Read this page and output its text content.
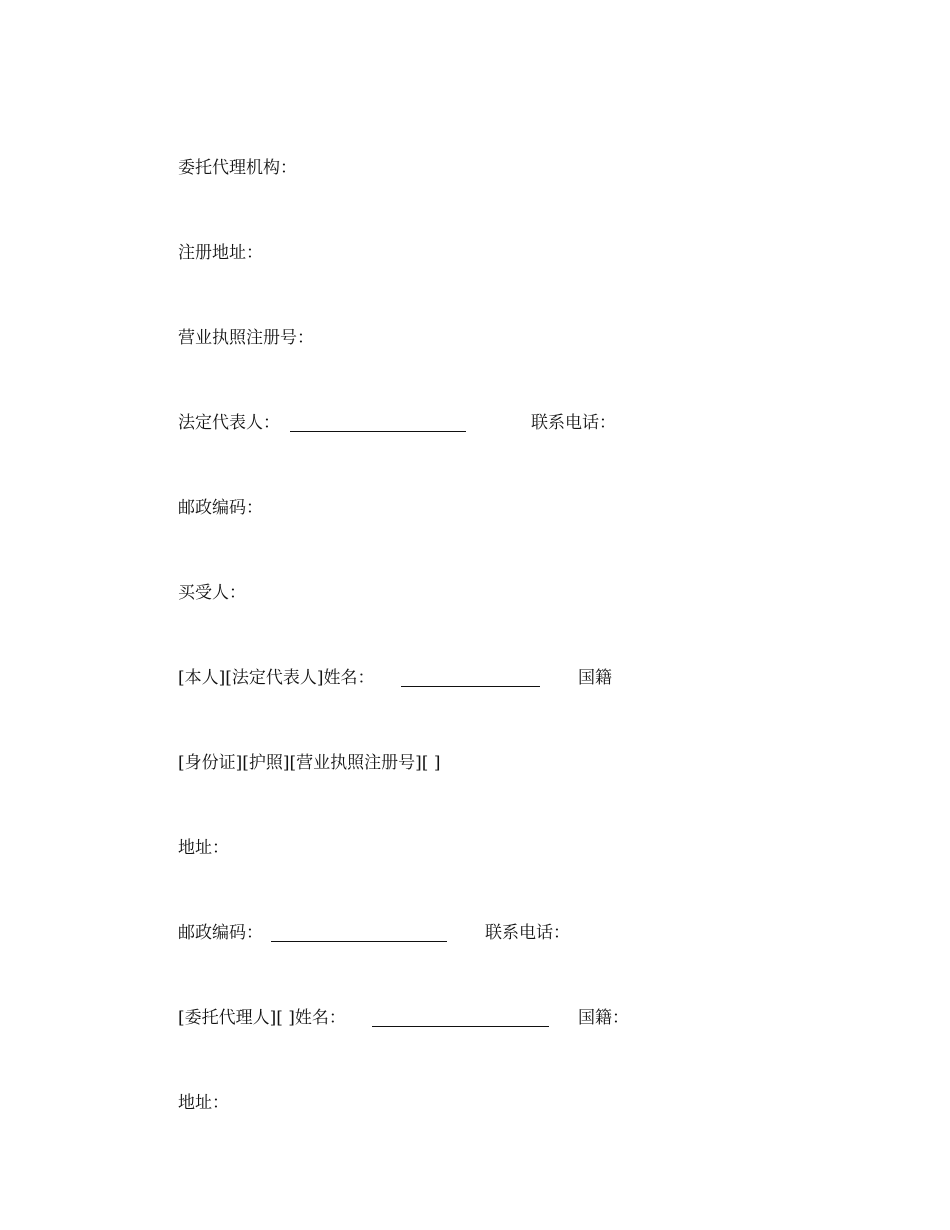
委托代理机构：
注册地址：
营业执照注册号：
法定代表人：	联系电话：
邮政编码：
买受人：
[本人][法定代表人]姓名：	国籍
[身份证][护照][营业执照注册号][ ]
地址：
邮政编码：	联系电话：
[委托代理人][ ]姓名：	国籍：
地址：
